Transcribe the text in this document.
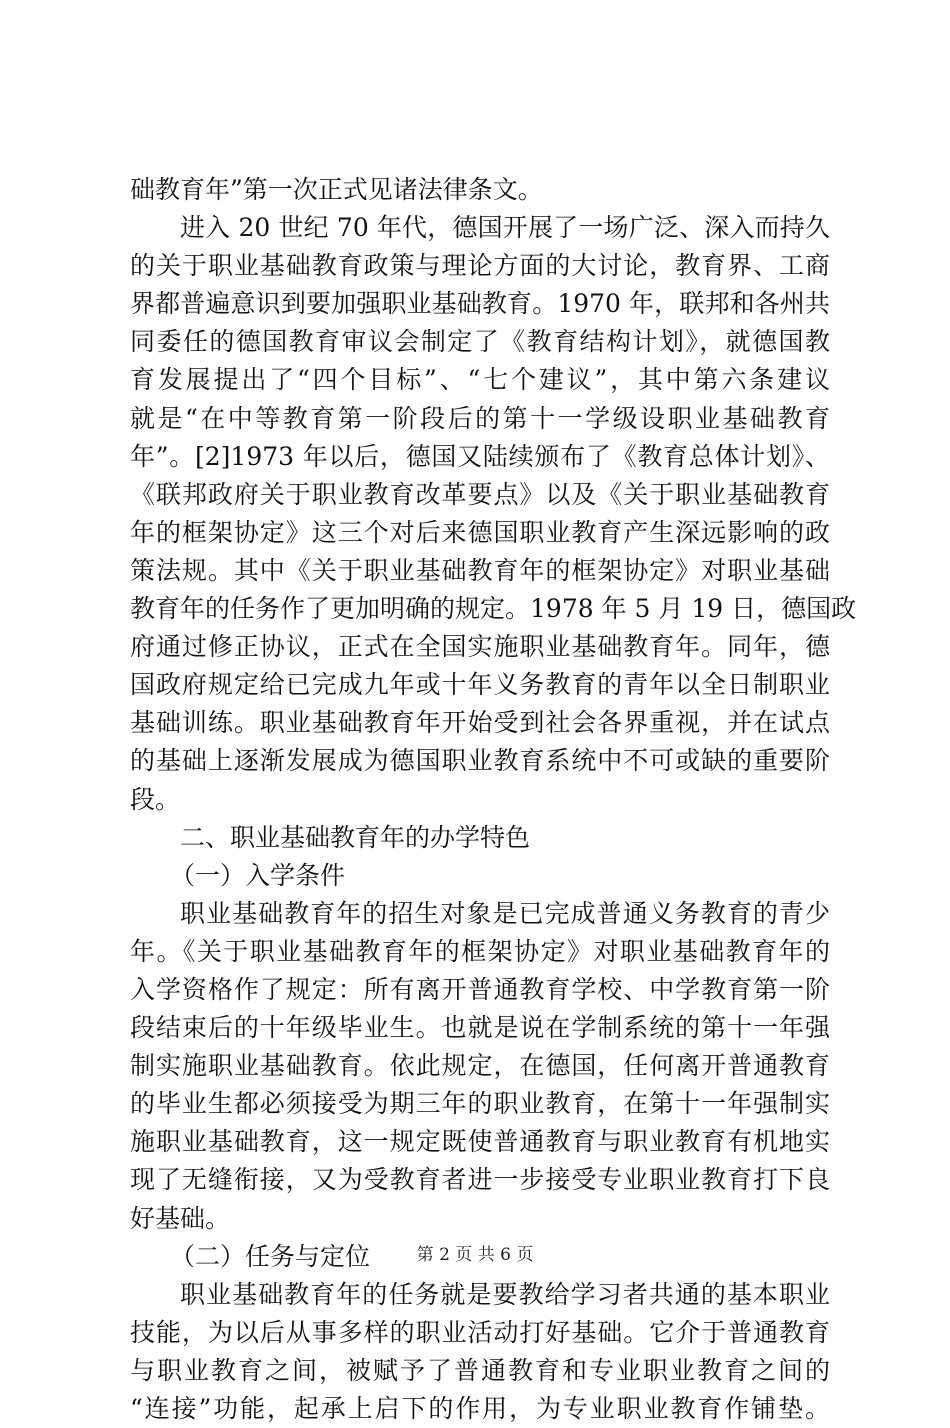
础教育年”第一次正式见诸法律条文。
进入 20 世纪 70 年代，德国开展了一场广泛、深入而持久
的关于职业基础教育政策与理论方面的大讨论，教育界、工商
界都普遍意识到要加强职业基础教育。1970 年，联邦和各州共
同委任的德国教育审议会制定了《教育结构计划》，就德国教
育发展提出了“四个目标”、“七个建议”，其中第六条建议
就是“在中等教育第一阶段后的第十一学级设职业基础教育
年”。[2]1973 年以后，德国又陆续颁布了《教育总体计划》、
《联邦政府关于职业教育改革要点》以及《关于职业基础教育
年的框架协定》这三个对后来德国职业教育产生深远影响的政
策法规。其中《关于职业基础教育年的框架协定》对职业基础
教育年的任务作了更加明确的规定。1978 年 5 月 19 日，德国政
府通过修正协议，正式在全国实施职业基础教育年。同年，德
国政府规定给已完成九年或十年义务教育的青年以全日制职业
基础训练。职业基础教育年开始受到社会各界重视，并在试点
的基础上逐渐发展成为德国职业教育系统中不可或缺的重要阶
段。
二、职业基础教育年的办学特色
（一）入学条件
职业基础教育年的招生对象是已完成普通义务教育的青少
年。《关于职业基础教育年的框架协定》对职业基础教育年的
入学资格作了规定：所有离开普通教育学校、中学教育第一阶
段结束后的十年级毕业生。也就是说在学制系统的第十一年强
制实施职业基础教育。依此规定，在德国，任何离开普通教育
的毕业生都必须接受为期三年的职业教育，在第十一年强制实
施职业基础教育，这一规定既使普通教育与职业教育有机地实
现了无缝衔接，又为受教育者进一步接受专业职业教育打下良
好基础。
（二）任务与定位
职业基础教育年的任务就是要教给学习者共通的基本职业
技能，为以后从事多样的职业活动打好基础。它介于普通教育
与职业教育之间，被赋予了普通教育和专业职业教育之间的
“连接”功能，起承上启下的作用，为专业职业教育作铺垫。
第 2 页 共 6 页
